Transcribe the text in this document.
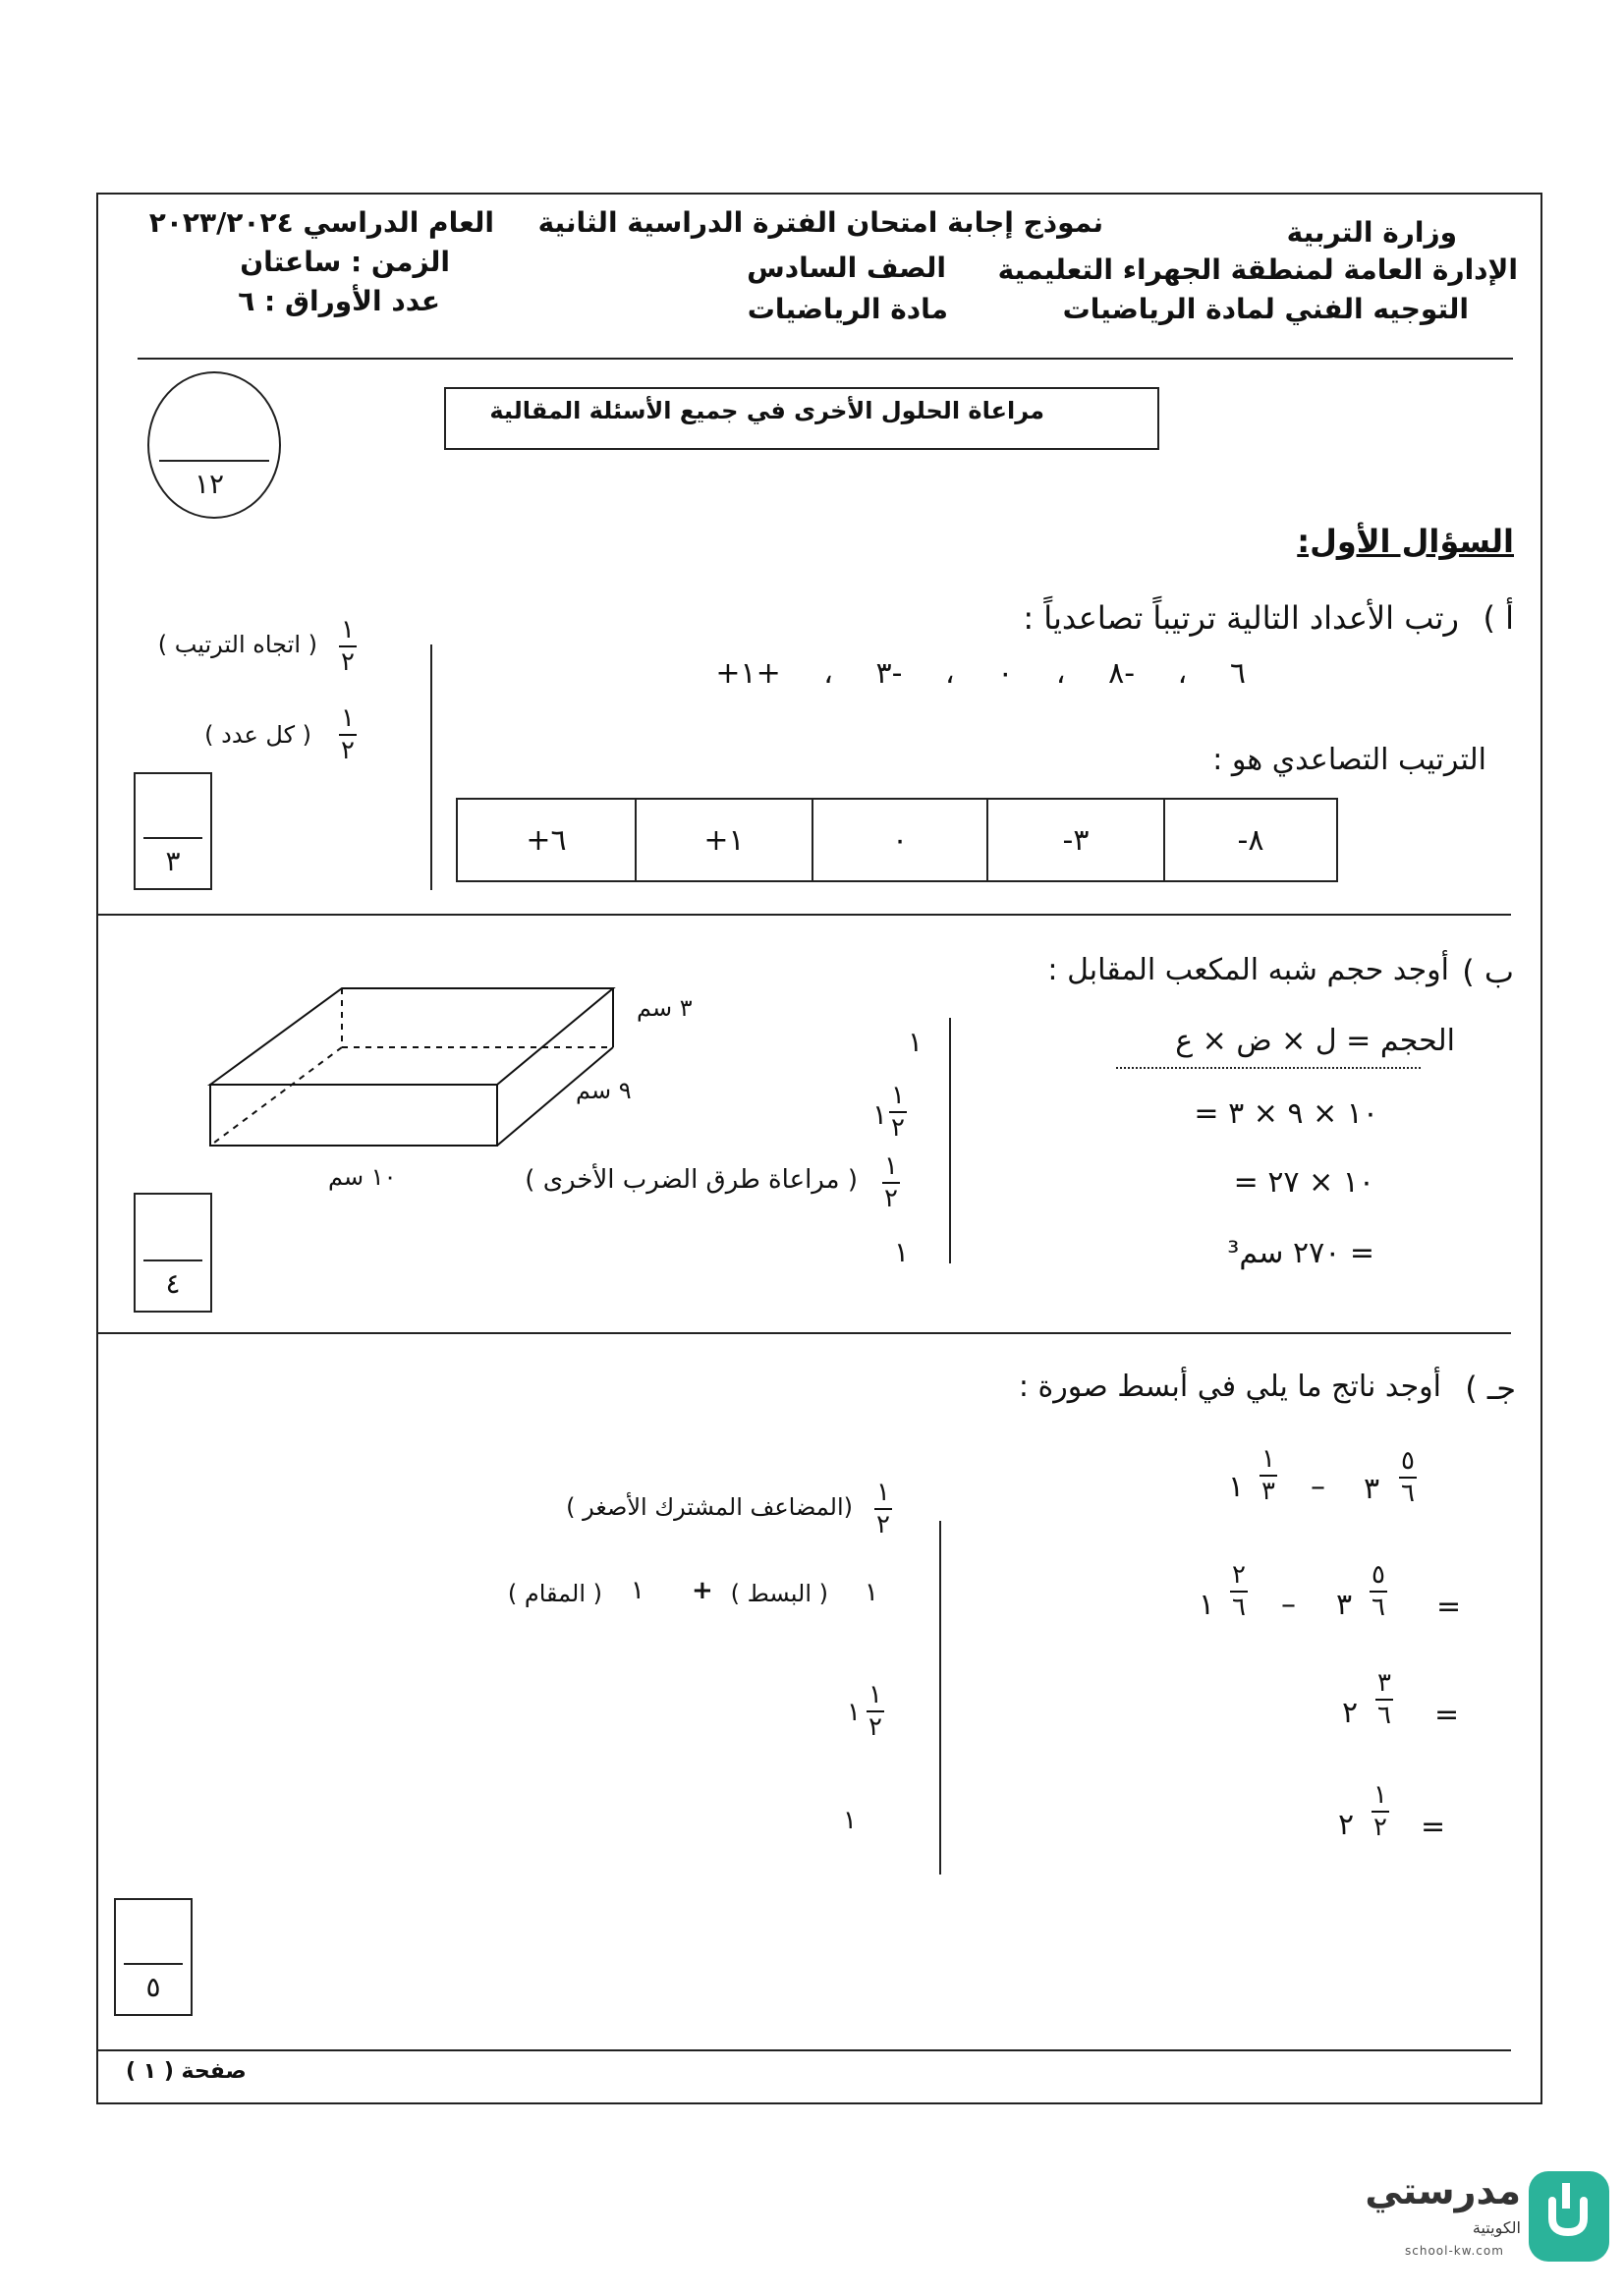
وزارة التربية
الإدارة العامة لمنطقة الجهراء التعليمية
التوجيه الفني لمادة الرياضيات
نموذج إجابة امتحان الفترة الدراسية الثانية
الصف السادس
مادة الرياضيات
العام الدراسي ٢٠٢٣/٢٠٢٤
الزمن : ساعتان
عدد الأوراق : ٦
مراعاة الحلول الأخرى في جميع الأسئلة المقالية
١٢
السؤال الأول:
أ )
رتب الأعداد التالية ترتيباً تصاعدياً :
+٦ ، -٨ ، ٠ ، -٣ ، +١
الترتيب التصاعدي هو :
+٦	+١	٠	-٣	-٨
١
٢
( اتجاه الترتيب )
١
٢
( كل عدد )
٣
ب )
أوجد حجم شبه المكعب المقابل :
الحجم = ل × ض × ع
= ١٠ × ٩ × ٣
= ١٠ × ٢٧
= ٢٧٠ سم³
١
١
١
٢
١
٢
( مراعاة طرق الضرب الأخرى )
١
٣ سم
٩ سم
١٠ سم
٤
جـ )
أوجد ناتج ما يلي في أبسط صورة :
٣
٥
٦
–
١
١
٣
=
٣
٥
٦
–
١
٢
٦
=
٢
٣
٦
=
٢
١
٢
١
٢
(المضاعف المشترك الأصغر )
١
( البسط )
+
١
( المقام )
١
١
٢
١
٥
صفحة ( ١ )
مدرستي
الكويتية
school-kw.com
